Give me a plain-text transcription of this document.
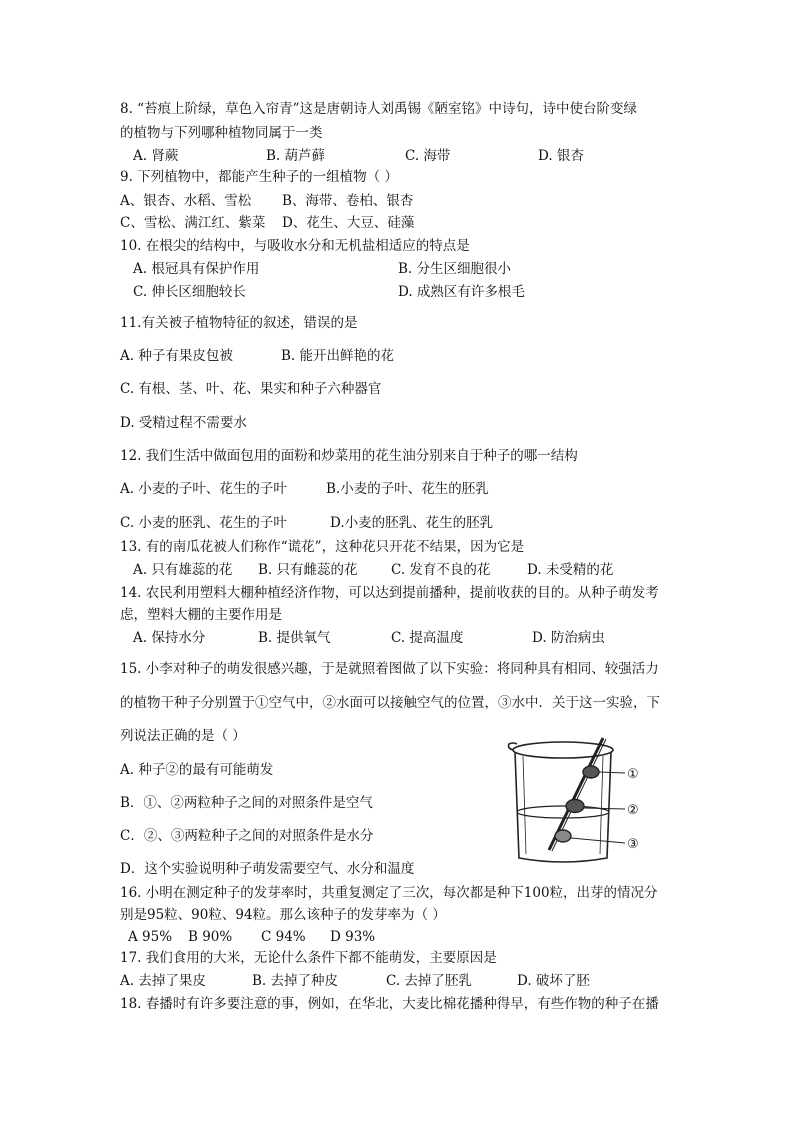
8. “苔痕上阶绿，草色入帘青”这是唐朝诗人刘禹锡《陋室铭》中诗句，诗中使台阶变绿
的植物与下列哪种植物同属于一类
A. 肾蕨	B. 葫芦藓	C. 海带	D. 银杏
9. 下列植物中，都能产生种子的一组植物（ ）
A、银杏、水稻、雪松 B、海带、卷柏、银杏
C、雪松、满江红、紫菜 D、花生、大豆、硅藻
10. 在根尖的结构中，与吸收水分和无机盐相适应的特点是
A. 根冠具有保护作用	B. 分生区细胞很小
C. 伸长区细胞较长	D. 成熟区有许多根毛
11.有关被子植物特征的叙述，错误的是
A. 种子有果皮包被	B. 能开出鲜艳的花
C. 有根、茎、叶、花、果实和种子六种器官
D. 受精过程不需要水
12. 我们生活中做面包用的面粉和炒菜用的花生油分别来自于种子的哪一结构
A. 小麦的子叶、花生的子叶	B.小麦的子叶、花生的胚乳
C. 小麦的胚乳、花生的子叶	D.小麦的胚乳、花生的胚乳
13. 有的南瓜花被人们称作“谎花”，这种花只开花不结果，因为它是
A. 只有雄蕊的花 B. 只有雌蕊的花 C. 发育不良的花	D. 未受精的花
14. 农民利用塑料大棚种植经济作物，可以达到提前播种，提前收获的目的。从种子萌发考
虑，塑料大棚的主要作用是
A. 保持水分	B. 提供氧气	C. 提高温度	D. 防治病虫
15. 小李对种子的萌发很感兴趣，于是就照着图做了以下实验：将同种具有相同、较强活力
的植物干种子分别置于①空气中，②水面可以接触空气的位置，③水中．关于这一实验，下
列说法正确的是（ ）
A. 种子②的最有可能萌发
B．①、②两粒种子之间的对照条件是空气
C．②、③两粒种子之间的对照条件是水分
D．这个实验说明种子萌发需要空气、水分和温度
①
②
③
16. 小明在测定种子的发芽率时，共重复测定了三次，每次都是种下100粒，出芽的情况分
别是95粒、90粒、94粒。那么该种子的发芽率为（ ）
A 95% B 90% C 94% D 93%
17. 我们食用的大米，无论什么条件下都不能萌发，主要原因是
A. 去掉了果皮	B. 去掉了种皮	C. 去掉了胚乳	D. 破坏了胚
18. 春播时有许多要注意的事，例如，在华北，大麦比棉花播种得早，有些作物的种子在播
